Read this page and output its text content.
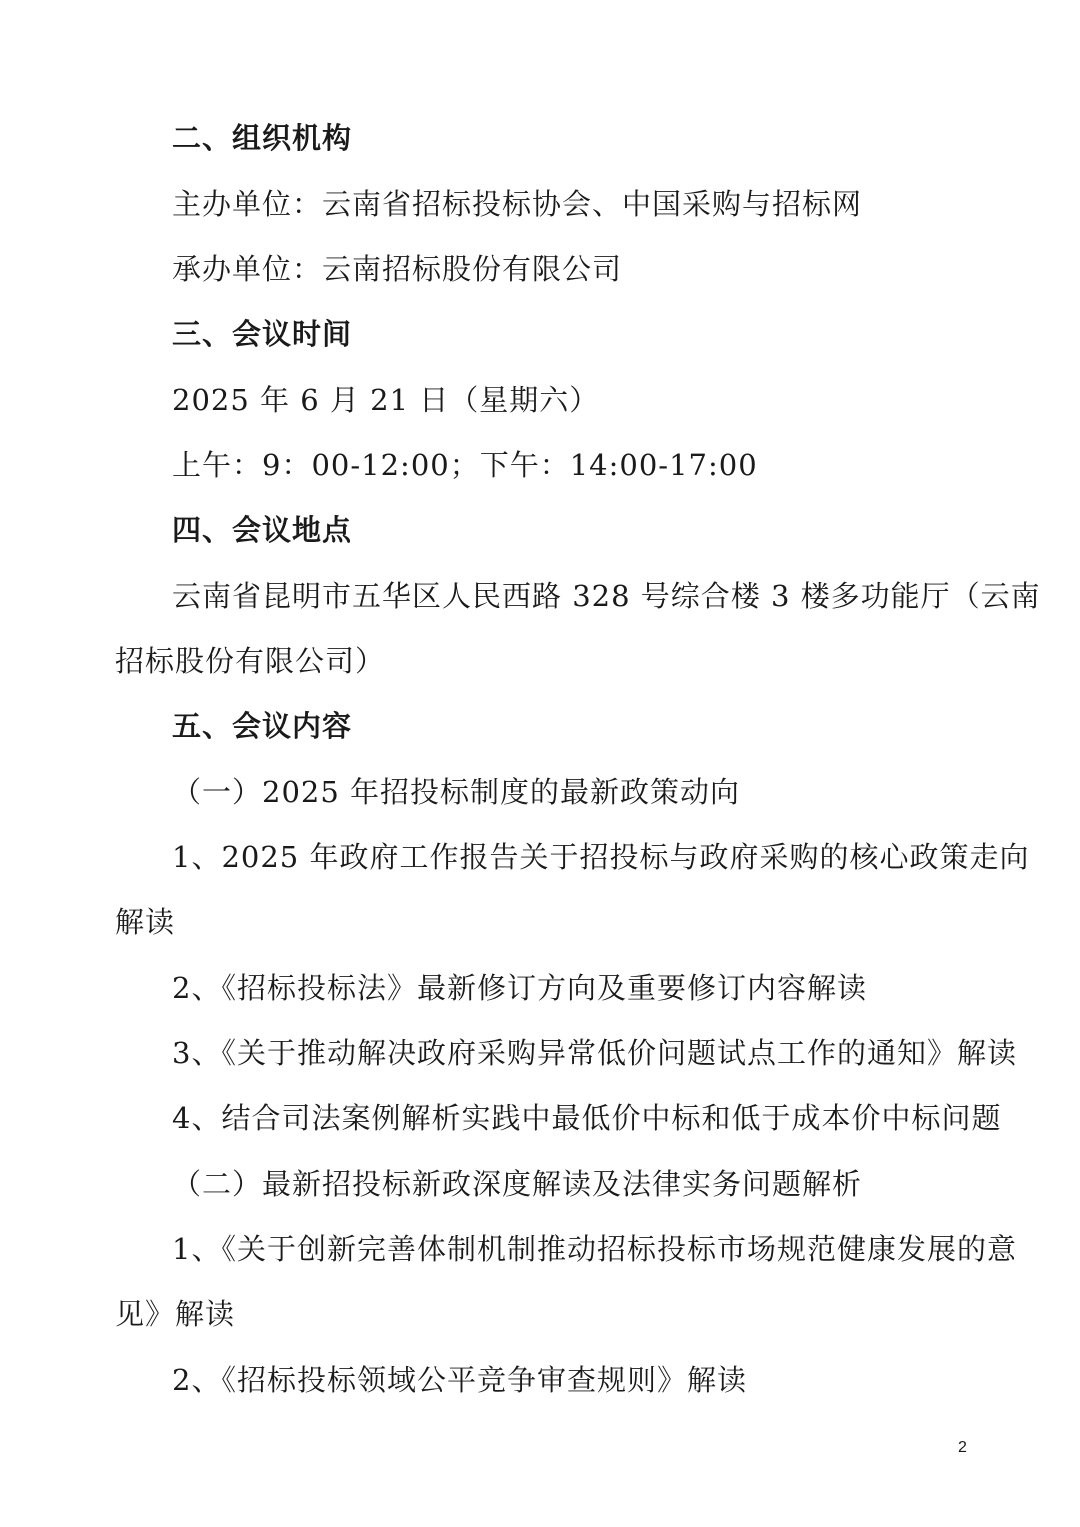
二、组织机构
主办单位：云南省招标投标协会、中国采购与招标网
承办单位：云南招标股份有限公司
三、会议时间
2025 年 6 月 21 日（星期六）
上午：9：00-12:00；下午：14:00-17:00
四、会议地点
云南省昆明市五华区人民西路 328 号综合楼 3 楼多功能厅（云南
招标股份有限公司）
五、会议内容
（一）2025 年招投标制度的最新政策动向
1、2025 年政府工作报告关于招投标与政府采购的核心政策走向
解读
2、《招标投标法》最新修订方向及重要修订内容解读
3、《关于推动解决政府采购异常低价问题试点工作的通知》解读
4、结合司法案例解析实践中最低价中标和低于成本价中标问题
（二）最新招投标新政深度解读及法律实务问题解析
1、《关于创新完善体制机制推动招标投标市场规范健康发展的意
见》解读
2、《招标投标领域公平竞争审查规则》解读
2
